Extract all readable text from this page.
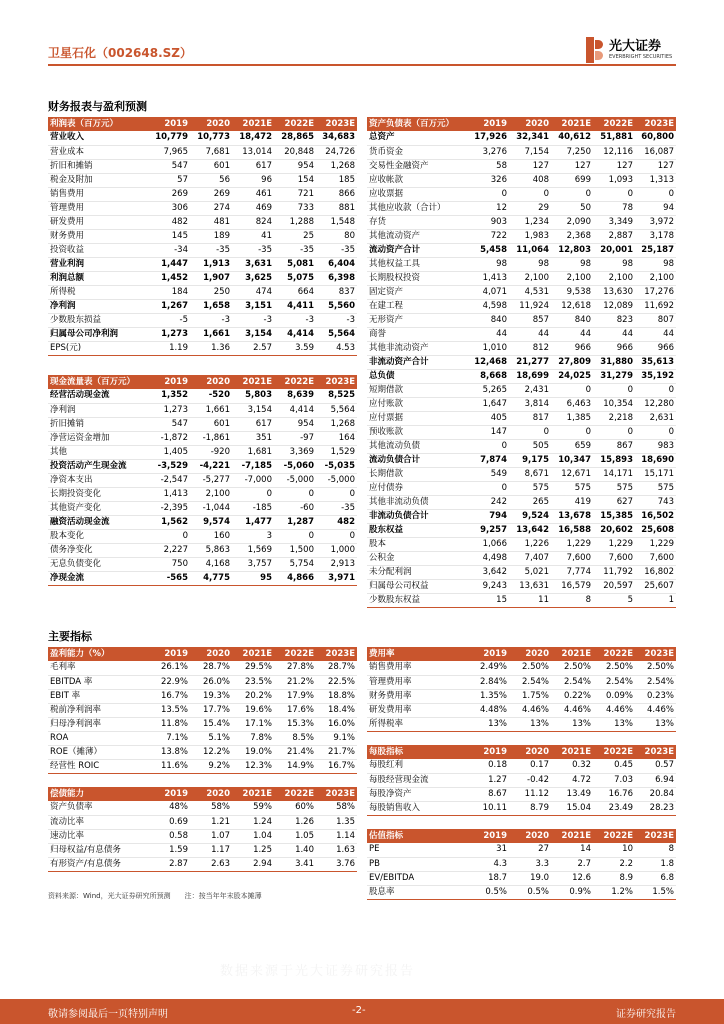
卫星石化（002648.SZ）	光大证券
EVERBRIGHT SECURITIES
财务报表与盈利预测
主要指标
利润表（百万元）	2019	2020	2021E	2022E	2023E
营业收入	10,779	10,773	18,472	28,865	34,683
营业成本	7,965	7,681	13,014	20,848	24,726
折旧和摊销	547	601	617	954	1,268
税金及附加	57	56	96	154	185
销售费用	269	269	461	721	866
管理费用	306	274	469	733	881
研发费用	482	481	824	1,288	1,548
财务费用	145	189	41	25	80
投资收益	-34	-35	-35	-35	-35
营业利润	1,447	1,913	3,631	5,081	6,404
利润总额	1,452	1,907	3,625	5,075	6,398
所得税	184	250	474	664	837
净利润	1,267	1,658	3,151	4,411	5,560
少数股东损益	-5	-3	-3	-3	-3
归属母公司净利润	1,273	1,661	3,154	4,414	5,564
EPS(元)	1.19	1.36	2.57	3.59	4.53
现金流量表（百万元）	2019	2020	2021E	2022E	2023E
经营活动现金流	1,352	-520	5,803	8,639	8,525
净利润	1,273	1,661	3,154	4,414	5,564
折旧摊销	547	601	617	954	1,268
净营运资金增加	-1,872	-1,861	351	-97	164
其他	1,405	-920	1,681	3,369	1,529
投资活动产生现金流	-3,529	-4,221	-7,185	-5,060	-5,035
净资本支出	-2,547	-5,277	-7,000	-5,000	-5,000
长期投资变化	1,413	2,100	0	0	0
其他资产变化	-2,395	-1,044	-185	-60	-35
融资活动现金流	1,562	9,574	1,477	1,287	482
股本变化	0	160	3	0	0
债务净变化	2,227	5,863	1,569	1,500	1,000
无息负债变化	750	4,168	3,757	5,754	2,913
净现金流	-565	4,775	95	4,866	3,971
资产负债表（百万元）	2019	2020	2021E	2022E	2023E
总资产	17,926	32,341	40,612	51,881	60,800
货币资金	3,276	7,154	7,250	12,116	16,087
交易性金融资产	58	127	127	127	127
应收帐款	326	408	699	1,093	1,313
应收票据	0	0	0	0	0
其他应收款（合计）	12	29	50	78	94
存货	903	1,234	2,090	3,349	3,972
其他流动资产	722	1,983	2,368	2,887	3,178
流动资产合计	5,458	11,064	12,803	20,001	25,187
其他权益工具	98	98	98	98	98
长期股权投资	1,413	2,100	2,100	2,100	2,100
固定资产	4,071	4,531	9,538	13,630	17,276
在建工程	4,598	11,924	12,618	12,089	11,692
无形资产	840	857	840	823	807
商誉	44	44	44	44	44
其他非流动资产	1,010	812	966	966	966
非流动资产合计	12,468	21,277	27,809	31,880	35,613
总负债	8,668	18,699	24,025	31,279	35,192
短期借款	5,265	2,431	0	0	0
应付账款	1,647	3,814	6,463	10,354	12,280
应付票据	405	817	1,385	2,218	2,631
预收账款	147	0	0	0	0
其他流动负债	0	505	659	867	983
流动负债合计	7,874	9,175	10,347	15,893	18,690
长期借款	549	8,671	12,671	14,171	15,171
应付债券	0	575	575	575	575
其他非流动负债	242	265	419	627	743
非流动负债合计	794	9,524	13,678	15,385	16,502
股东权益	9,257	13,642	16,588	20,602	25,608
股本	1,066	1,226	1,229	1,229	1,229
公积金	4,498	7,407	7,600	7,600	7,600
未分配利润	3,642	5,021	7,774	11,792	16,802
归属母公司权益	9,243	13,631	16,579	20,597	25,607
少数股东权益	15	11	8	5	1
盈利能力（%）	2019	2020	2021E	2022E	2023E
毛利率	26.1%	28.7%	29.5%	27.8%	28.7%
EBITDA 率	22.9%	26.0%	23.5%	21.2%	22.5%
EBIT 率	16.7%	19.3%	20.2%	17.9%	18.8%
税前净利润率	13.5%	17.7%	19.6%	17.6%	18.4%
归母净利润率	11.8%	15.4%	17.1%	15.3%	16.0%
ROA	7.1%	5.1%	7.8%	8.5%	9.1%
ROE（摊薄）	13.8%	12.2%	19.0%	21.4%	21.7%
经营性 ROIC	11.6%	9.2%	12.3%	14.9%	16.7%
偿债能力	2019	2020	2021E	2022E	2023E
资产负债率	48%	58%	59%	60%	58%
流动比率	0.69	1.21	1.24	1.26	1.35
速动比率	0.58	1.07	1.04	1.05	1.14
归母权益/有息债务	1.59	1.17	1.25	1.40	1.63
有形资产/有息债务	2.87	2.63	2.94	3.41	3.76
费用率	2019	2020	2021E	2022E	2023E
销售费用率	2.49%	2.50%	2.50%	2.50%	2.50%
管理费用率	2.84%	2.54%	2.54%	2.54%	2.54%
财务费用率	1.35%	1.75%	0.22%	0.09%	0.23%
研发费用率	4.48%	4.46%	4.46%	4.46%	4.46%
所得税率	13%	13%	13%	13%	13%
每股指标	2019	2020	2021E	2022E	2023E
每股红利	0.18	0.17	0.32	0.45	0.57
每股经营现金流	1.27	-0.42	4.72	7.03	6.94
每股净资产	8.67	11.12	13.49	16.76	20.84
每股销售收入	10.11	8.79	15.04	23.49	28.23
估值指标	2019	2020	2021E	2022E	2023E
PE	31	27	14	10	8
PB	4.3	3.3	2.7	2.2	1.8
EV/EBITDA	18.7	19.0	12.6	8.9	6.8
股息率	0.5%	0.5%	0.9%	1.2%	1.5%
资料来源：Wind，光大证券研究所预测　　注：按当年年末股本摊薄
数据来源于光大证券研究报告
敬请参阅最后一页特别声明	-2-	证券研究报告
